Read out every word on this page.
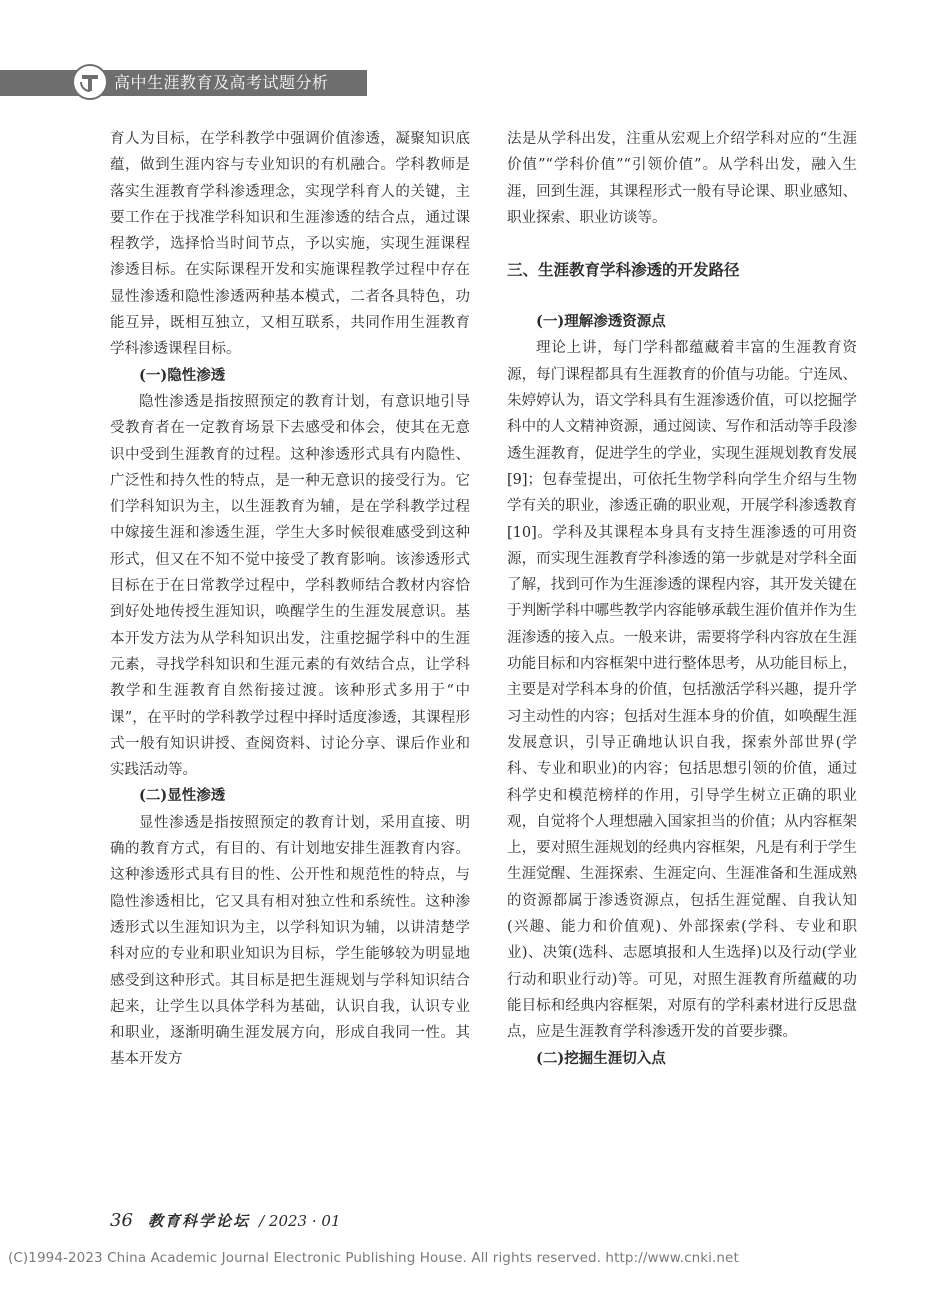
高中生涯教育及高考试题分析

育人为目标，在学科教学中强调价值渗透，凝聚知识底蕴，做到生涯内容与专业知识的有机融合。学科教师是落实生涯教育学科渗透理念，实现学科育人的关键，主要工作在于找准学科知识和生涯渗透的结合点，通过课程教学，选择恰当时间节点，予以实施，实现生涯课程渗透目标。在实际课程开发和实施课程教学过程中存在显性渗透和隐性渗透两种基本模式，二者各具特色，功能互异，既相互独立，又相互联系，共同作用生涯教育学科渗透课程目标。

(一)隐性渗透

隐性渗透是指按照预定的教育计划，有意识地引导受教育者在一定教育场景下去感受和体会，使其在无意识中受到生涯教育的过程。这种渗透形式具有内隐性、广泛性和持久性的特点，是一种无意识的接受行为。它们学科知识为主，以生涯教育为辅，是在学科教学过程中嫁接生涯和渗透生涯，学生大多时候很难感受到这种形式，但又在不知不觉中接受了教育影响。该渗透形式目标在于在日常教学过程中，学科教师结合教材内容恰到好处地传授生涯知识，唤醒学生的生涯发展意识。基本开发方法为从学科知识出发，注重挖掘学科中的生涯元素，寻找学科知识和生涯元素的有效结合点，让学科教学和生涯教育自然衔接过渡。该种形式多用于“中课”，在平时的学科教学过程中择时适度渗透，其课程形式一般有知识讲授、查阅资料、讨论分享、课后作业和实践活动等。

(二)显性渗透

显性渗透是指按照预定的教育计划，采用直接、明确的教育方式，有目的、有计划地安排生涯教育内容。这种渗透形式具有目的性、公开性和规范性的特点，与隐性渗透相比，它又具有相对独立性和系统性。这种渗透形式以生涯知识为主，以学科知识为辅，以讲清楚学科对应的专业和职业知识为目标，学生能够较为明显地感受到这种形式。其目标是把生涯规划与学科知识结合起来，让学生以具体学科为基础，认识自我，认识专业和职业，逐渐明确生涯发展方向，形成自我同一性。其基本开发方

法是从学科出发，注重从宏观上介绍学科对应的“生涯价值”“学科价值”“引领价值”。从学科出发，融入生涯，回到生涯，其课程形式一般有导论课、职业感知、职业探索、职业访谈等。

三、生涯教育学科渗透的开发路径

(一)理解渗透资源点

理论上讲，每门学科都蕴藏着丰富的生涯教育资源，每门课程都具有生涯教育的价值与功能。宁连凤、朱婷婷认为，语文学科具有生涯渗透价值，可以挖掘学科中的人文精神资源，通过阅读、写作和活动等手段渗透生涯教育，促进学生的学业，实现生涯规划教育发展[9]；包春莹提出，可依托生物学科向学生介绍与生物学有关的职业，渗透正确的职业观，开展学科渗透教育[10]。学科及其课程本身具有支持生涯渗透的可用资源，而实现生涯教育学科渗透的第一步就是对学科全面了解，找到可作为生涯渗透的课程内容，其开发关键在于判断学科中哪些教学内容能够承载生涯价值并作为生涯渗透的接入点。一般来讲，需要将学科内容放在生涯功能目标和内容框架中进行整体思考，从功能目标上，主要是对学科本身的价值，包括激活学科兴趣，提升学习主动性的内容；包括对生涯本身的价值，如唤醒生涯发展意识，引导正确地认识自我，探索外部世界(学科、专业和职业)的内容；包括思想引领的价值，通过科学史和模范榜样的作用，引导学生树立正确的职业观，自觉将个人理想融入国家担当的价值；从内容框架上，要对照生涯规划的经典内容框架，凡是有利于学生生涯觉醒、生涯探索、生涯定向、生涯准备和生涯成熟的资源都属于渗透资源点，包括生涯觉醒、自我认知(兴趣、能力和价值观)、外部探索(学科、专业和职业)、决策(选科、志愿填报和人生选择)以及行动(学业行动和职业行动)等。可见，对照生涯教育所蕴藏的功能目标和经典内容框架，对原有的学科素材进行反思盘点，应是生涯教育学科渗透开发的首要步骤。

(二)挖掘生涯切入点

36 教育科学论坛 / 2023 · 01
(C)1994-2023 China Academic Journal Electronic Publishing House. All rights reserved. http://www.cnki.net
